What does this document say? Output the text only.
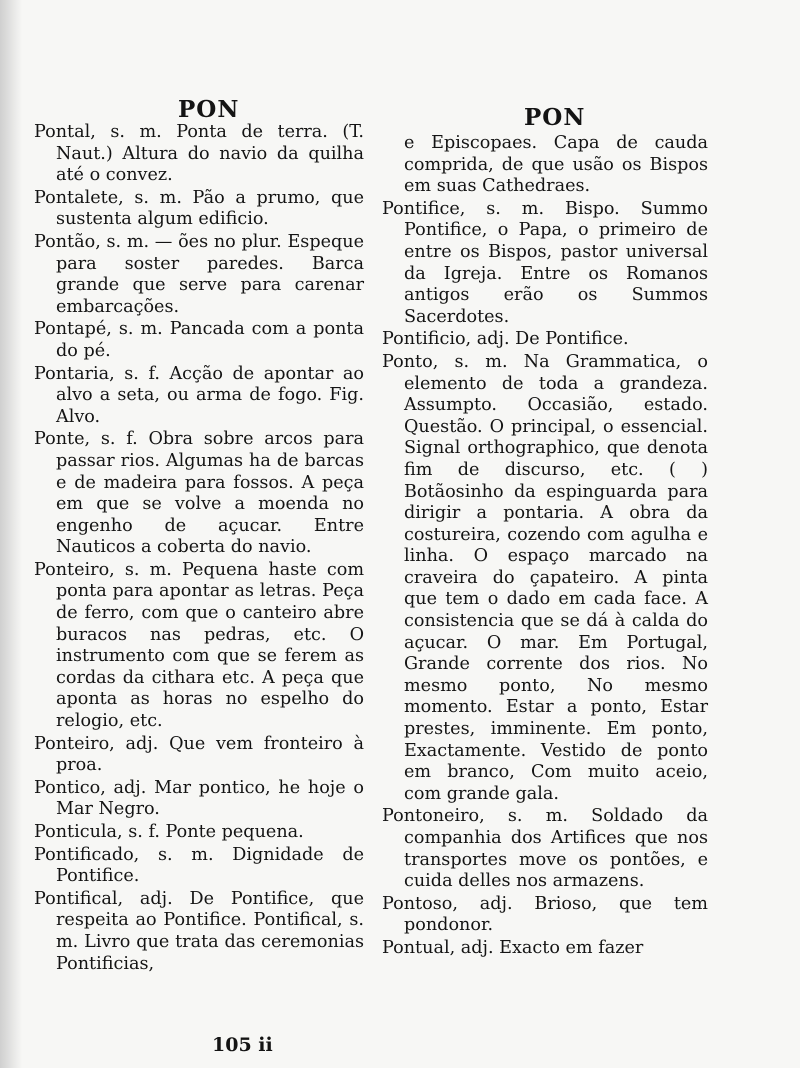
PON	PON

Pontal, s. m. Ponta de terra. (T. Naut.) Altura do navio da quilha até o convez.

Pontalete, s. m. Pão a prumo, que sustenta algum edificio.

Pontão, s. m. — ões no plur. Espeque para soster paredes. Barca grande que serve para carenar embarcações.

Pontapé, s. m. Pancada com a ponta do pé.

Pontaria, s. f. Acção de apontar ao alvo a seta, ou arma de fogo. Fig. Alvo.

Ponte, s. f. Obra sobre arcos para passar rios. Algumas ha de barcas e de madeira para fossos. A peça em que se volve a moenda no engenho de açucar. Entre Nauticos a coberta do navio.

Ponteiro, s. m. Pequena haste com ponta para apontar as letras. Peça de ferro, com que o canteiro abre buracos nas pedras, etc. O instrumento com que se ferem as cordas da cithara etc. A peça que aponta as horas no espelho do relogio, etc.

Ponteiro, adj. Que vem fronteiro à proa.

Pontico, adj. Mar pontico, he hoje o Mar Negro.

Ponticula, s. f. Ponte pequena.

Pontificado, s. m. Dignidade de Pontifice.

Pontifical, adj. De Pontifice, que respeita ao Pontifice. Pontifical, s. m. Livro que trata das ceremonias Pontificias,

e Episcopaes. Capa de cauda comprida, de que usão os Bispos em suas Cathedraes.

Pontifice, s. m. Bispo. Summo Pontifice, o Papa, o primeiro de entre os Bispos, pastor universal da Igreja. Entre os Romanos antigos erão os Summos Sacerdotes.

Pontificio, adj. De Pontifice.

Ponto, s. m. Na Grammatica, o elemento de toda a grandeza. Assumpto. Occasião, estado. Questão. O principal, o essencial. Signal orthographico, que denota fim de discurso, etc. ( ) Botãosinho da espinguarda para dirigir a pontaria. A obra da costureira, cozendo com agulha e linha. O espaço marcado na craveira do çapateiro. A pinta que tem o dado em cada face. A consistencia que se dá à calda do açucar. O mar. Em Portugal, Grande corrente dos rios. No mesmo ponto, No mesmo momento. Estar a ponto, Estar prestes, imminente. Em ponto, Exactamente. Vestido de ponto em branco, Com muito aceio, com grande gala.

Pontoneiro, s. m. Soldado da companhia dos Artifices que nos transportes move os pontões, e cuida delles nos armazens.

Pontoso, adj. Brioso, que tem pondonor.

Pontual, adj. Exacto em fazer

105 ii
